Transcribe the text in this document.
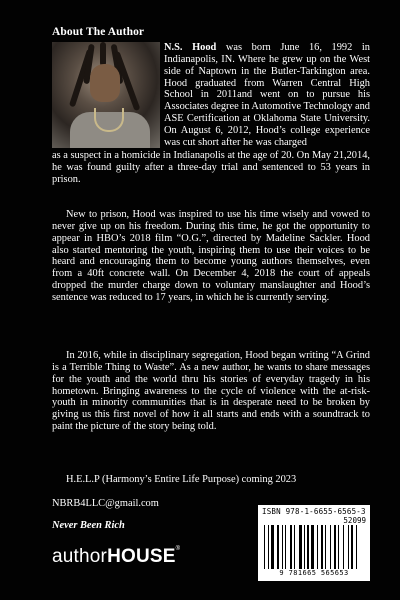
About The Author
N.S. Hood was born June 16, 1992 in Indianapolis, IN. Where he grew up on the West side of Naptown in the Butler-Tarkington area. Hood graduated from Warren Central High School in 2011and went on to pursue his Associates degree in Automotive Technology and ASE Certification at Oklahoma State University. On August 6, 2012, Hood’s college experience was cut short after he was charged
as a suspect in a homicide in Indianapolis at the age of 20. On May 21,2014, he was found guilty after a three-day trial and sentenced to 53 years in prison.
New to prison, Hood was inspired to use his time wisely and vowed to never give up on his freedom. During this time, he got the opportunity to appear in HBO’s 2018 film “O.G.”, directed by Madeline Sackler. Hood also started mentoring the youth, inspiring them to use their voices to be heard and encouraging them to become young authors themselves, even from a 40ft concrete wall. On December 4, 2018 the court of appeals dropped the murder charge down to voluntary manslaughter and Hood’s sentence was reduced to 17 years, in which he is currently serving.
In 2016, while in disciplinary segregation, Hood began writing “A Grind is a Terrible Thing to Waste”. As a new author, he wants to share messages for the youth and the world thru his stories of everyday tragedy in his hometown. Bringing awareness to the cycle of violence with the at-risk-youth in minority communities that is in desperate need to be broken by giving us this first novel of how it all starts and ends with a soundtrack to paint the picture of the story being told.
H.E.L.P (Harmony’s Entire Life Purpose) coming 2023
NBRB4LLC@gmail.com
Never Been Rich
authorHOUSE®
ISBN 978-1-6655-6565-3
52099
9 781665 565653
